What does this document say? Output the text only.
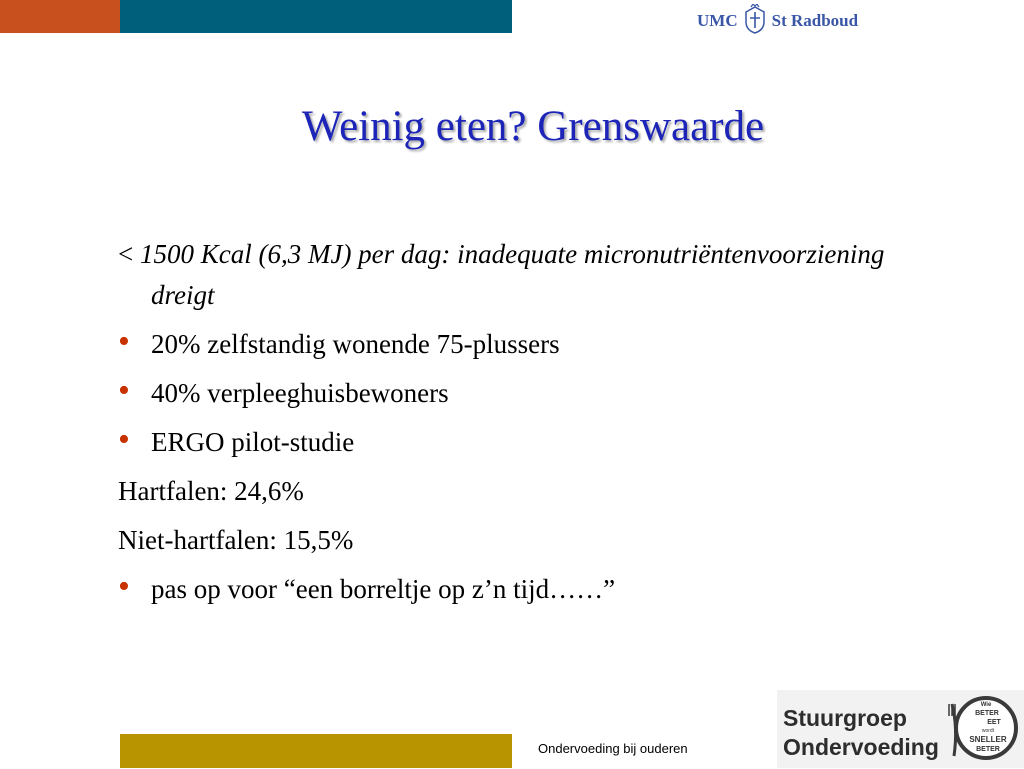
UMC St Radboud
Weinig eten? Grenswaarde
< 1500 Kcal (6,3 MJ) per dag: inadequate micronutriëntenvoorziening dreigt
• 20% zelfstandig wonende 75-plussers
• 40% verpleeghuisbewoners
• ERGO pilot-studie
Hartfalen: 24,6%
Niet-hartfalen: 15,5%
• pas op voor “een borreltje op z’n tijd……”
Ondervoeding bij ouderen
Stuurgroep
Ondervoeding
Wie
BETER
EET
wordt
SNELLER
BETER
